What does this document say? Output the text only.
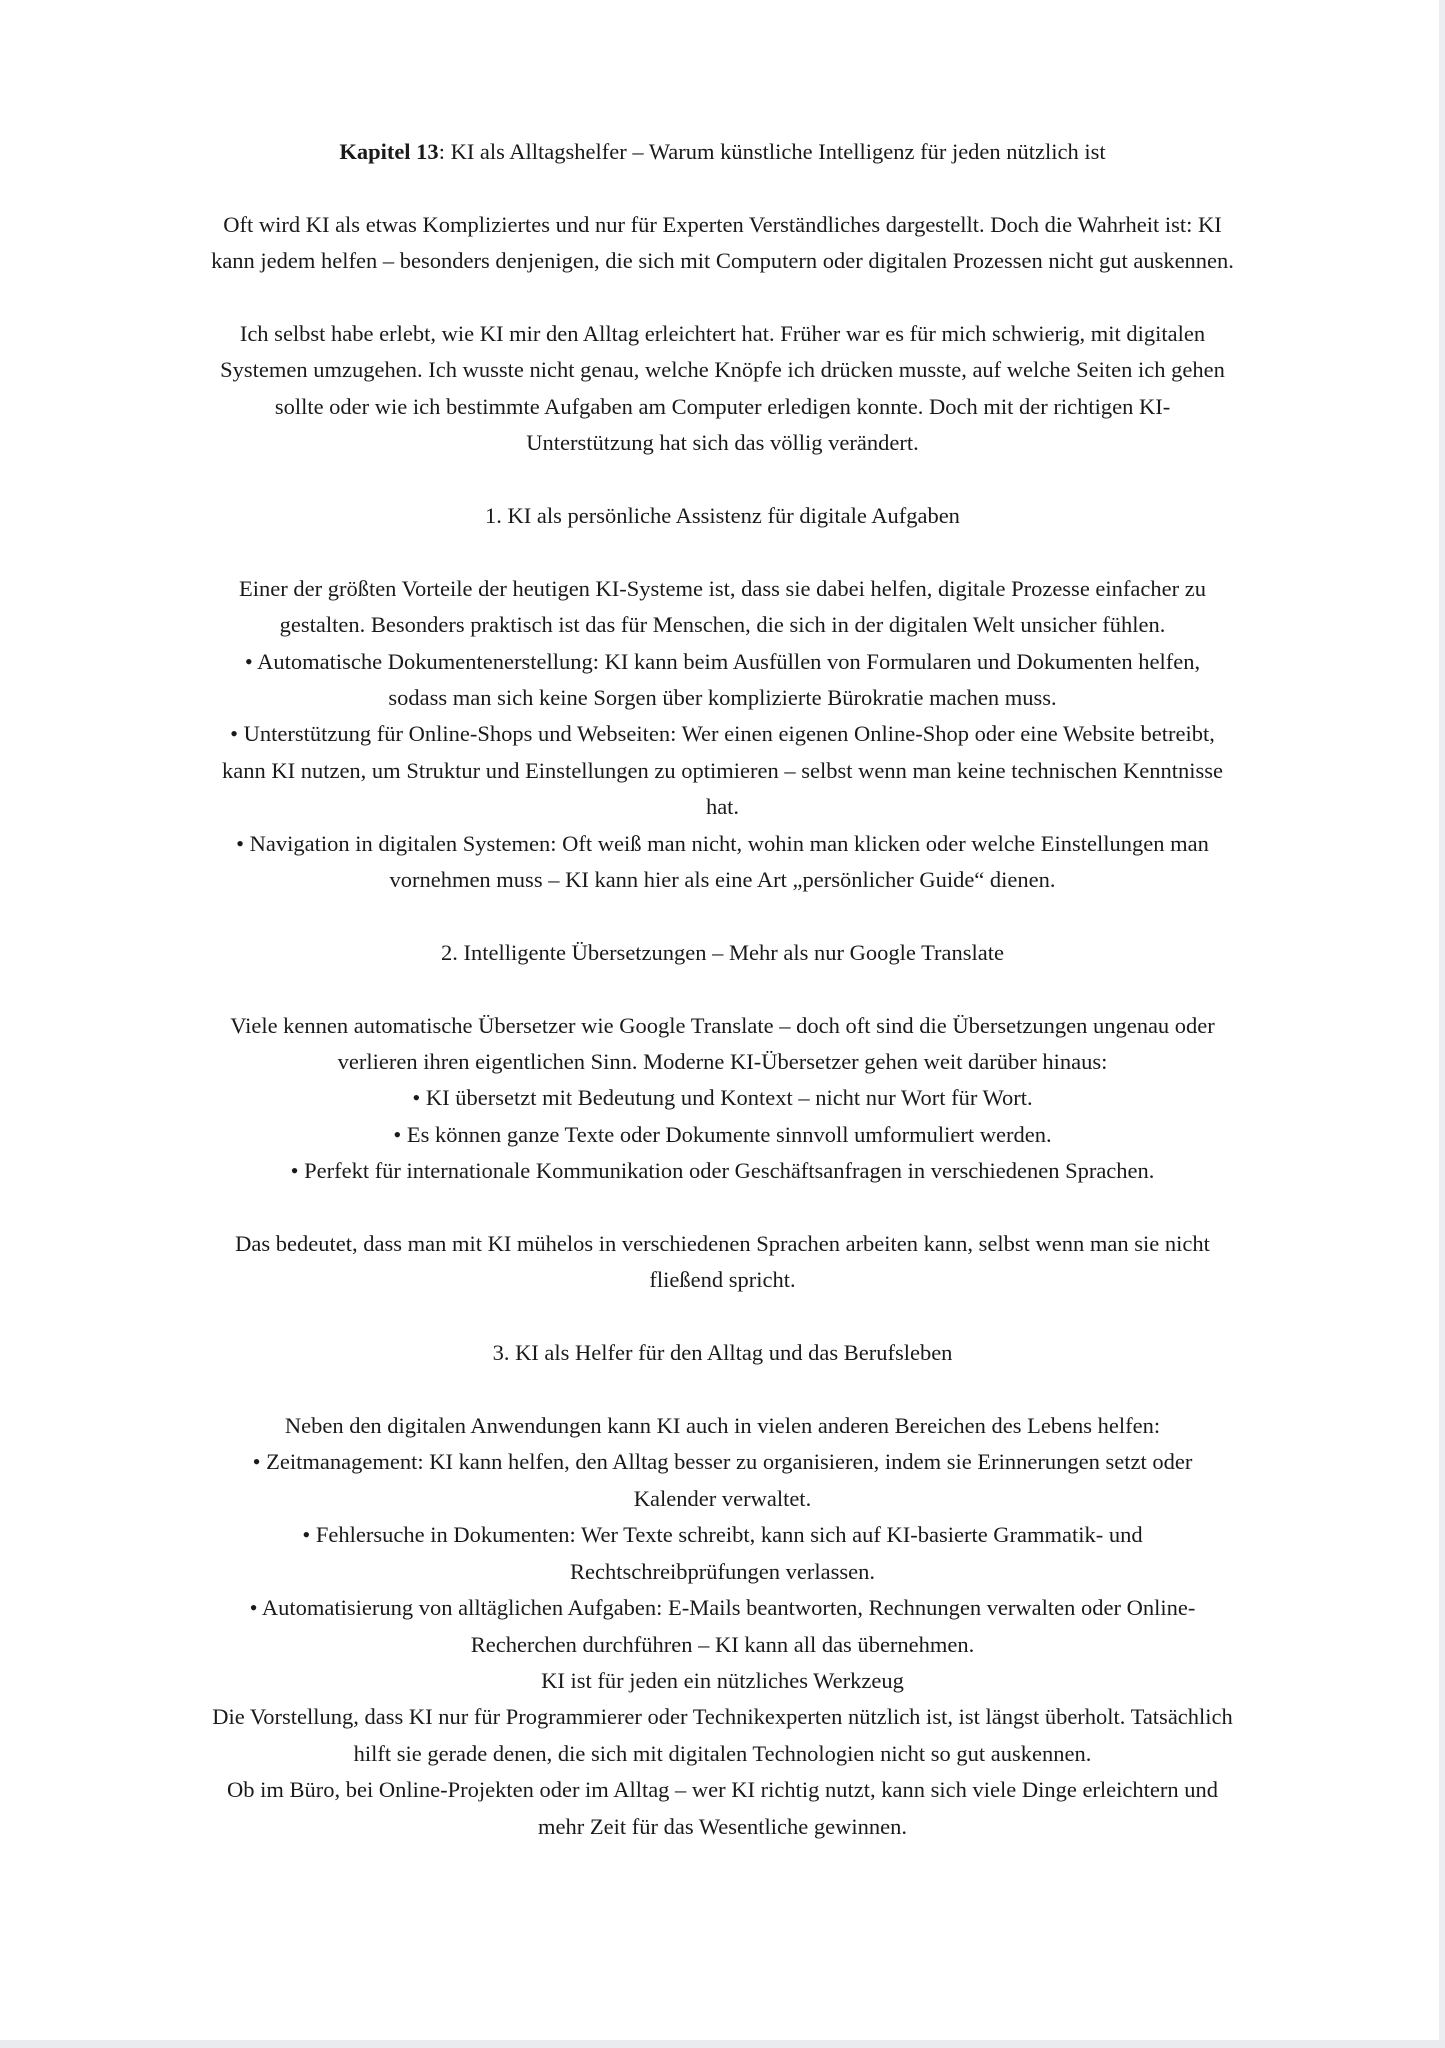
Kapitel 13 : KI als Alltagshelfer – Warum künstliche Intelligenz für jeden nützlich ist
Oft wird KI als etwas Kompliziertes und nur für Experten Verständliches dargestellt. Doch die Wahrheit ist: KI
kann jedem helfen – besonders denjenigen, die sich mit Computern oder digitalen Prozessen nicht gut auskennen.
Ich selbst habe erlebt, wie KI mir den Alltag erleichtert hat. Früher war es für mich schwierig, mit digitalen
Systemen umzugehen. Ich wusste nicht genau, welche Knöpfe ich drücken musste, auf welche Seiten ich gehen
sollte oder wie ich bestimmte Aufgaben am Computer erledigen konnte. Doch mit der richtigen KI-
Unterstützung hat sich das völlig verändert.
1. KI als persönliche Assistenz für digitale Aufgaben
Einer der größten Vorteile der heutigen KI-Systeme ist, dass sie dabei helfen, digitale Prozesse einfacher zu
gestalten. Besonders praktisch ist das für Menschen, die sich in der digitalen Welt unsicher fühlen.
• Automatische Dokumentenerstellung: KI kann beim Ausfüllen von Formularen und Dokumenten helfen,
sodass man sich keine Sorgen über komplizierte Bürokratie machen muss.
• Unterstützung für Online-Shops und Webseiten: Wer einen eigenen Online-Shop oder eine Website betreibt,
kann KI nutzen, um Struktur und Einstellungen zu optimieren – selbst wenn man keine technischen Kenntnisse
hat.
• Navigation in digitalen Systemen: Oft weiß man nicht, wohin man klicken oder welche Einstellungen man
vornehmen muss – KI kann hier als eine Art „persönlicher Guide“ dienen.
2. Intelligente Übersetzungen – Mehr als nur Google Translate
Viele kennen automatische Übersetzer wie Google Translate – doch oft sind die Übersetzungen ungenau oder
verlieren ihren eigentlichen Sinn. Moderne KI-Übersetzer gehen weit darüber hinaus:
• KI übersetzt mit Bedeutung und Kontext – nicht nur Wort für Wort.
• Es können ganze Texte oder Dokumente sinnvoll umformuliert werden.
• Perfekt für internationale Kommunikation oder Geschäftsanfragen in verschiedenen Sprachen.
Das bedeutet, dass man mit KI mühelos in verschiedenen Sprachen arbeiten kann, selbst wenn man sie nicht
fließend spricht.
3. KI als Helfer für den Alltag und das Berufsleben
Neben den digitalen Anwendungen kann KI auch in vielen anderen Bereichen des Lebens helfen:
• Zeitmanagement: KI kann helfen, den Alltag besser zu organisieren, indem sie Erinnerungen setzt oder
Kalender verwaltet.
• Fehlersuche in Dokumenten: Wer Texte schreibt, kann sich auf KI-basierte Grammatik- und
Rechtschreibprüfungen verlassen.
• Automatisierung von alltäglichen Aufgaben: E-Mails beantworten, Rechnungen verwalten oder Online-
Recherchen durchführen – KI kann all das übernehmen.
KI ist für jeden ein nützliches Werkzeug
Die Vorstellung, dass KI nur für Programmierer oder Technikexperten nützlich ist, ist längst überholt. Tatsächlich
hilft sie gerade denen, die sich mit digitalen Technologien nicht so gut auskennen.
Ob im Büro, bei Online-Projekten oder im Alltag – wer KI richtig nutzt, kann sich viele Dinge erleichtern und
mehr Zeit für das Wesentliche gewinnen.
